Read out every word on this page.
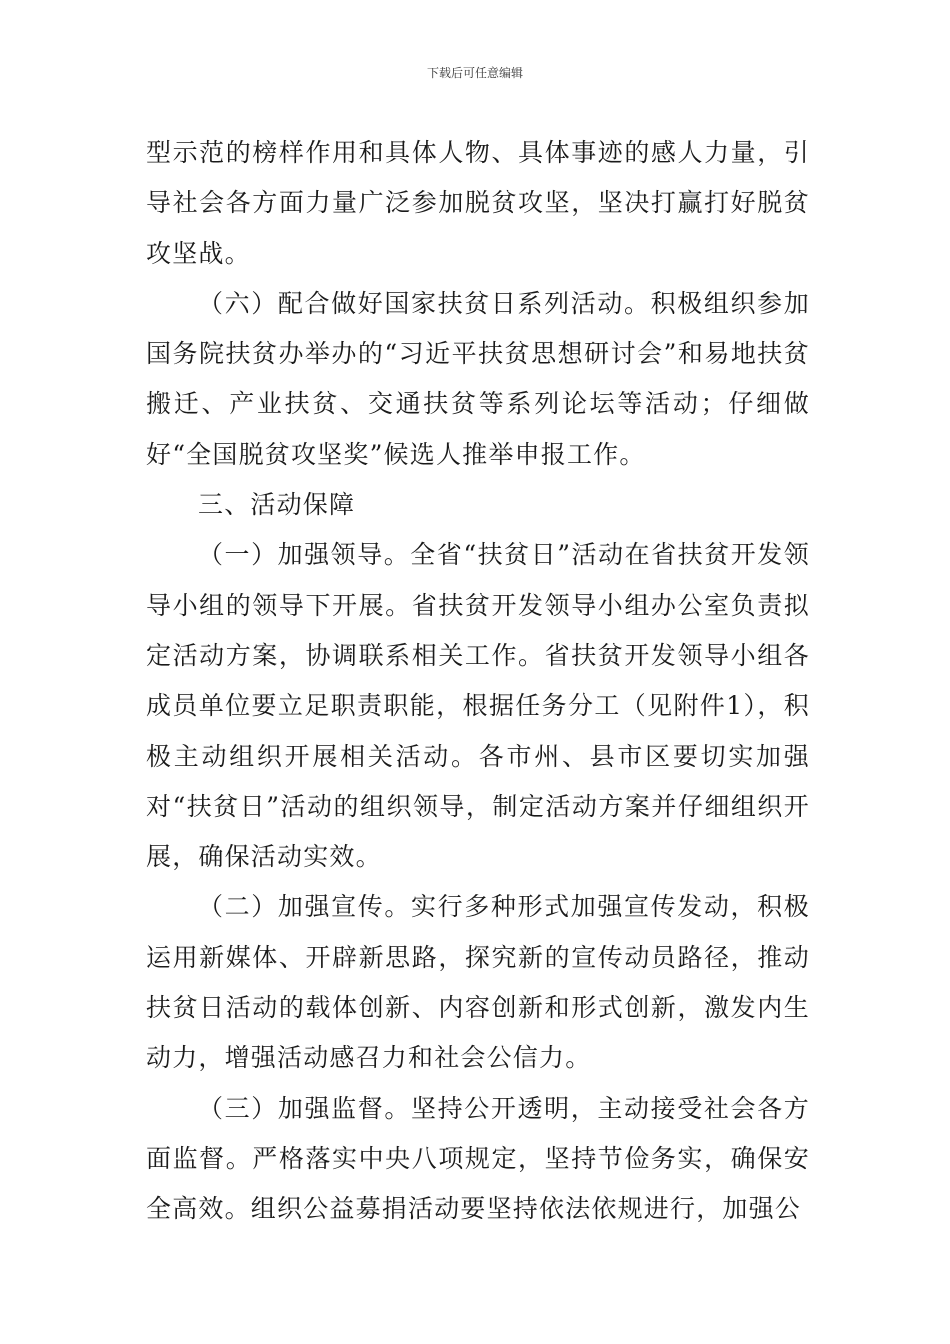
下载后可任意编辑

型示范的榜样作用和具体人物、具体事迹的感人力量，引导社会各方面力量广泛参加脱贫攻坚，坚决打赢打好脱贫攻坚战。

（六）配合做好国家扶贫日系列活动。积极组织参加国务院扶贫办举办的“习近平扶贫思想研讨会”和易地扶贫搬迁、产业扶贫、交通扶贫等系列论坛等活动；仔细做好“全国脱贫攻坚奖”候选人推举申报工作。

三、活动保障

（一）加强领导。全省“扶贫日”活动在省扶贫开发领导小组的领导下开展。省扶贫开发领导小组办公室负责拟定活动方案，协调联系相关工作。省扶贫开发领导小组各成员单位要立足职责职能，根据任务分工（见附件1），积极主动组织开展相关活动。各市州、县市区要切实加强对“扶贫日”活动的组织领导，制定活动方案并仔细组织开展，确保活动实效。

（二）加强宣传。实行多种形式加强宣传发动，积极运用新媒体、开辟新思路，探究新的宣传动员路径，推动扶贫日活动的载体创新、内容创新和形式创新，激发内生动力，增强活动感召力和社会公信力。

（三）加强监督。坚持公开透明，主动接受社会各方面监督。严格落实中央八项规定，坚持节俭务实，确保安全高效。组织公益募捐活动要坚持依法依规进行，加强公
